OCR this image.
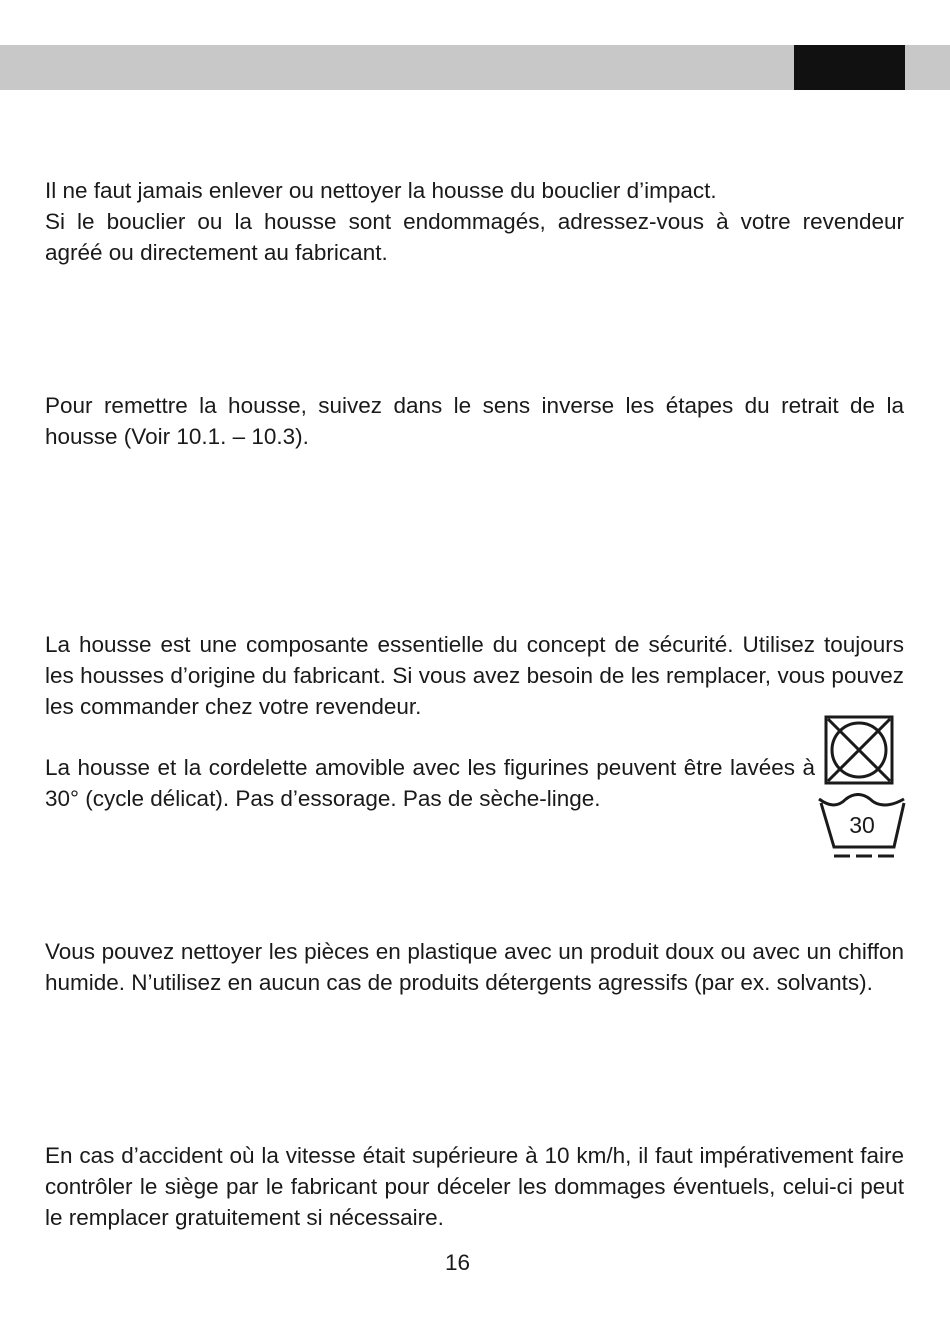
Il ne faut jamais enlever ou nettoyer la housse du bouclier d’impact.

Si le bouclier ou la housse sont endommagés, adressez-vous à votre revendeur agréé ou directement au fabricant.

Pour remettre la housse, suivez dans le sens inverse les étapes du retrait de la housse (Voir 10.1. – 10.3).

La housse est une composante essentielle du concept de sécurité. Utilisez toujours les housses d’origine du fabricant. Si vous avez besoin de les remplacer, vous pouvez les commander chez votre revendeur.

La housse et la cordelette amovible avec les figurines peuvent être lavées à 30° (cycle délicat). Pas d’essorage. Pas de sèche-linge.

30

Vous pouvez nettoyer les pièces en plastique avec un produit doux ou avec un chiffon humide. N’utilisez en aucun cas de produits détergents agressifs (par ex. solvants).

En cas d’accident où la vitesse était supérieure à 10 km/h, il faut impérativement faire contrôler le siège par le fabricant pour déceler les dommages éventuels, celui-ci peut le remplacer gratuitement si nécessaire.

16
